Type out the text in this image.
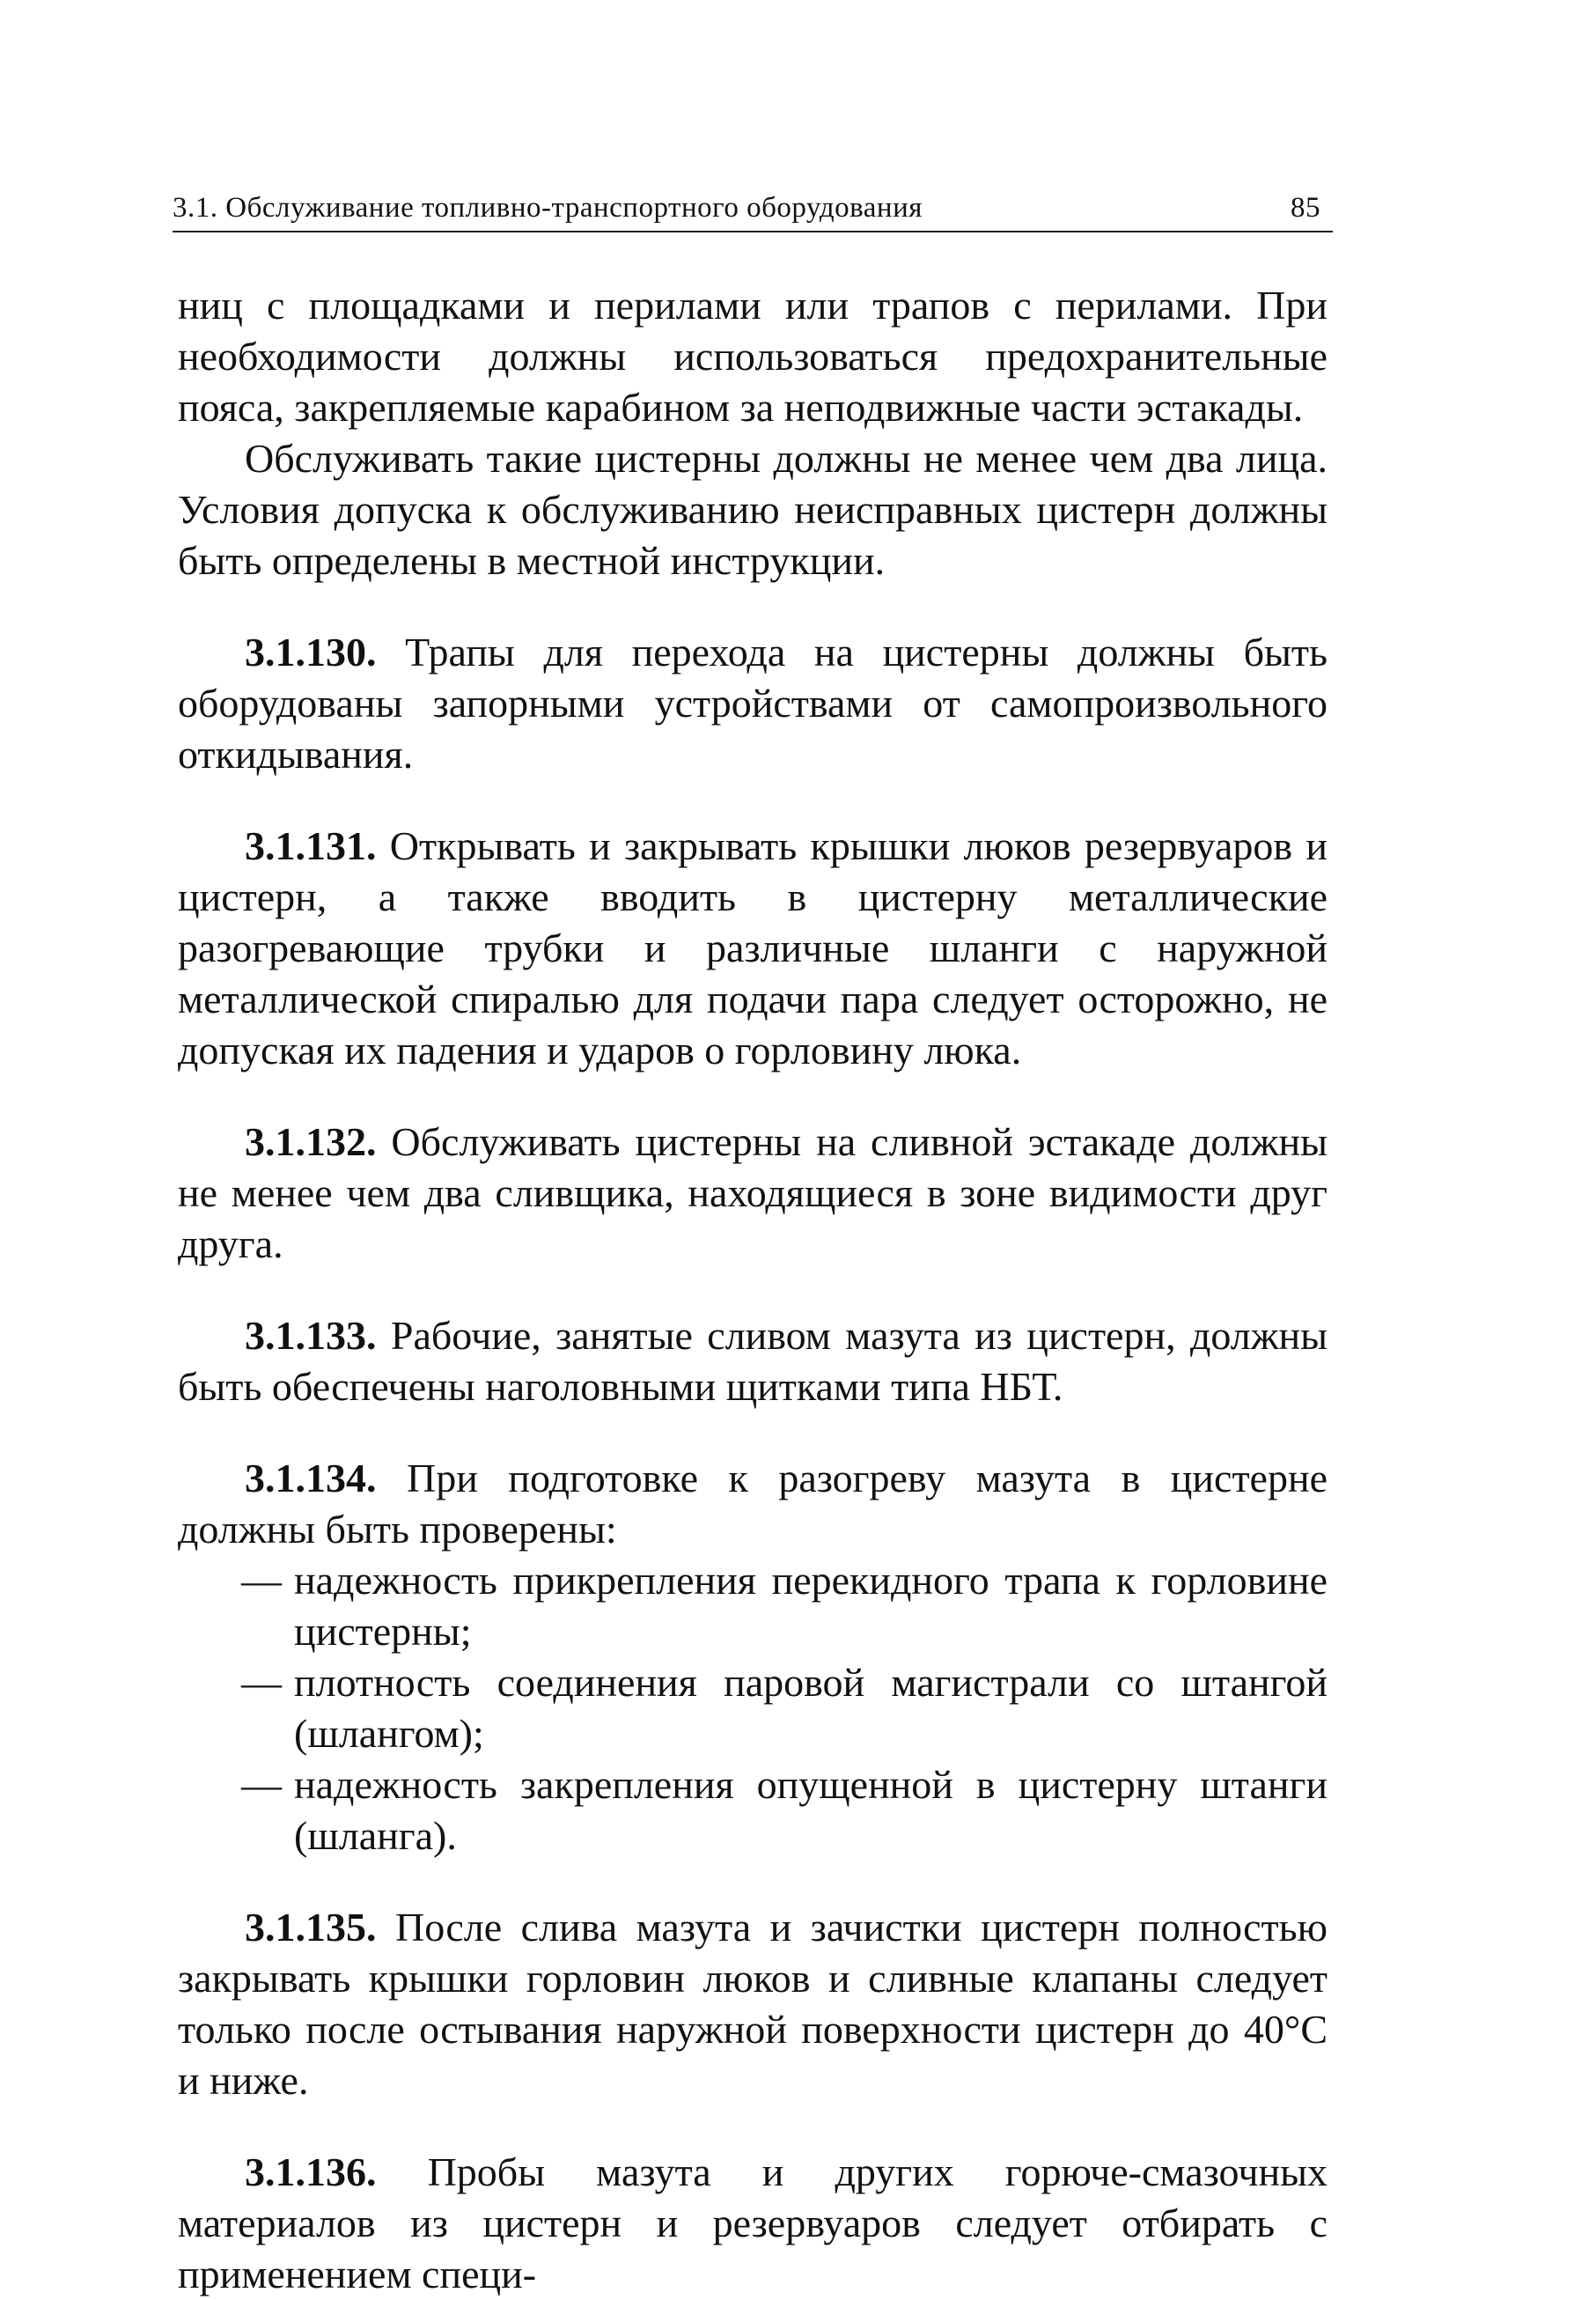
3.1. Обслуживание топливно-транспортного оборудования	85

ниц с площадками и перилами или трапов с перилами. При необходимости должны использоваться предохранительные пояса, закрепляемые карабином за неподвижные части эстакады.

Обслуживать такие цистерны должны не менее чем два лица. Условия допуска к обслуживанию неисправных цистерн должны быть определены в местной инструкции.

3.1.130. Трапы для перехода на цистерны должны быть оборудованы запорными устройствами от самопроизвольного откидывания.

3.1.131. Открывать и закрывать крышки люков резервуаров и цистерн, а также вводить в цистерну металлические разогревающие трубки и различные шланги с наружной металлической спиралью для подачи пара следует осторожно, не допуская их падения и ударов о горловину люка.

3.1.132. Обслуживать цистерны на сливной эстакаде должны не менее чем два сливщика, находящиеся в зоне видимости друг друга.

3.1.133. Рабочие, занятые сливом мазута из цистерн, должны быть обеспечены наголовными щитками типа НБТ.

3.1.134. При подготовке к разогреву мазута в цистерне должны быть проверены:

— надежность прикрепления перекидного трапа к горловине цистерны;
— плотность соединения паровой магистрали со штангой (шлангом);
— надежность закрепления опущенной в цистерну штанги (шланга).

3.1.135. После слива мазута и зачистки цистерн полностью закрывать крышки горловин люков и сливные клапаны следует только после остывания наружной поверхности цистерн до 40°С и ниже.

3.1.136. Пробы мазута и других горюче-смазочных материалов из цистерн и резервуаров следует отбирать с применением специ-
